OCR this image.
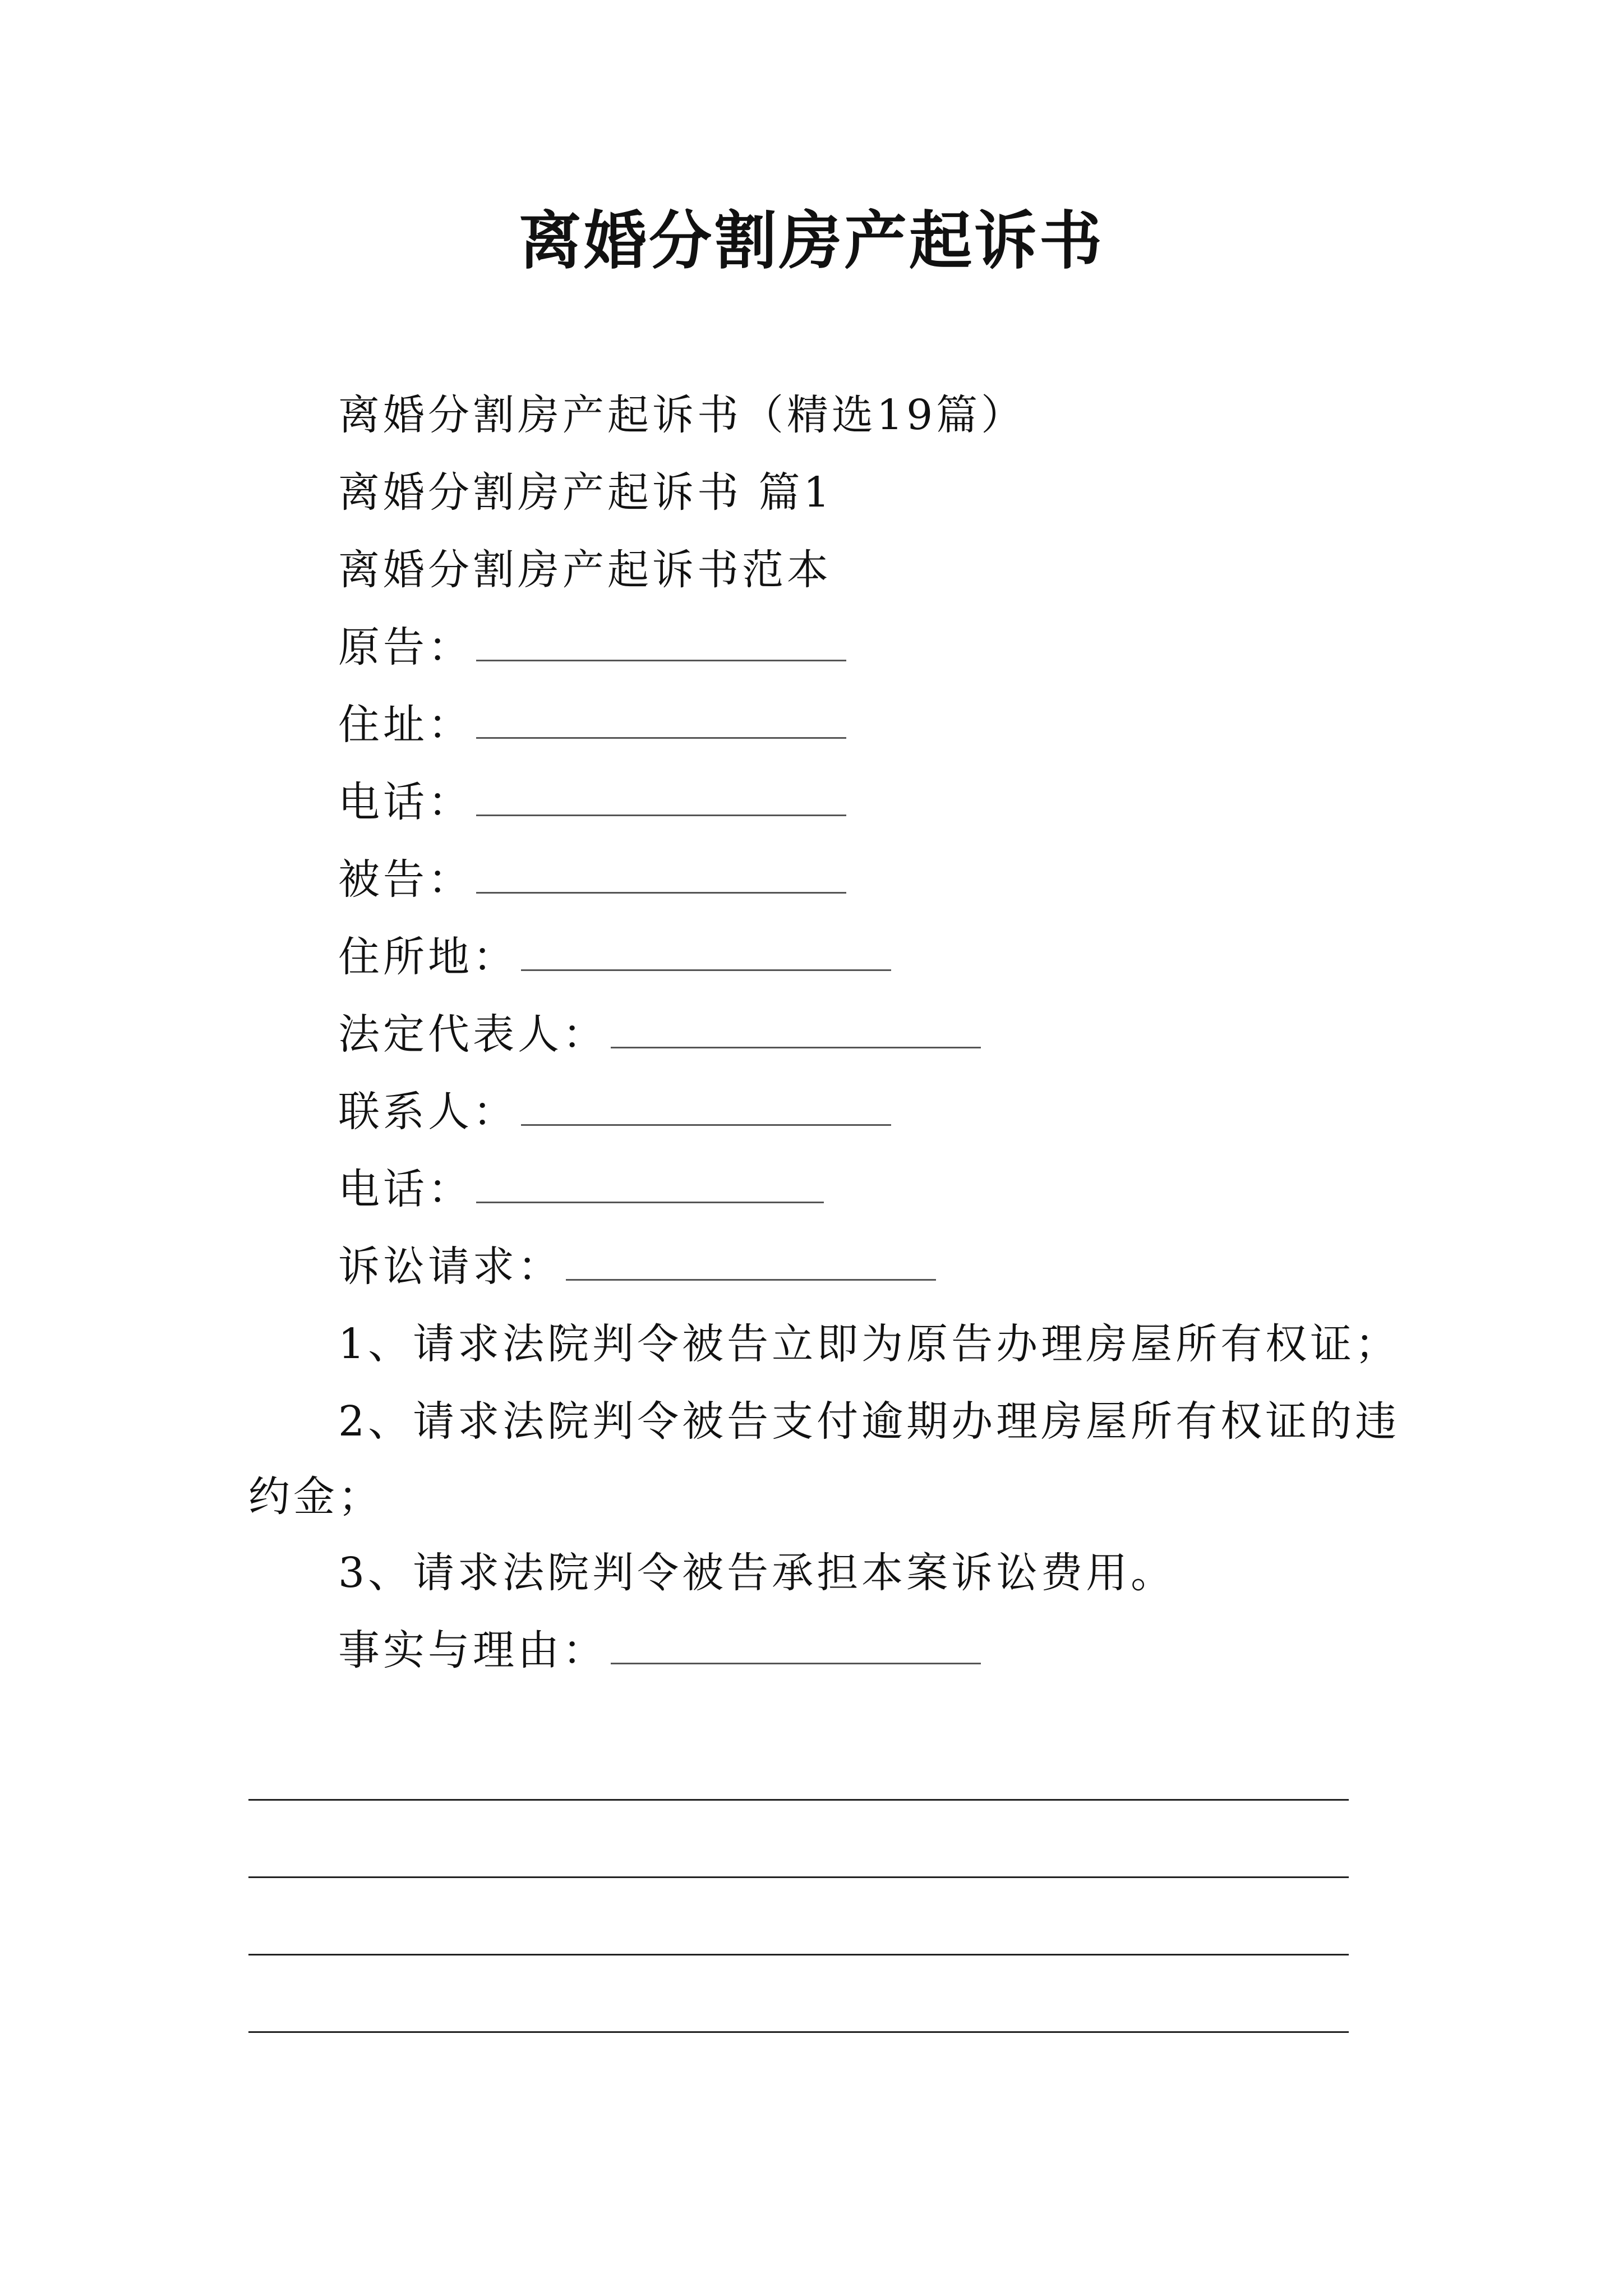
离婚分割房产起诉书
离婚分割房产起诉书（精选19篇）
离婚分割房产起诉书 篇1
离婚分割房产起诉书范本
原告：
住址：
电话：
被告：
住所地：
法定代表人：
联系人：
电话：
诉讼请求：
1、请求法院判令被告立即为原告办理房屋所有权证；
2、请求法院判令被告支付逾期办理房屋所有权证的违
约金；
3、请求法院判令被告承担本案诉讼费用。
事实与理由：
